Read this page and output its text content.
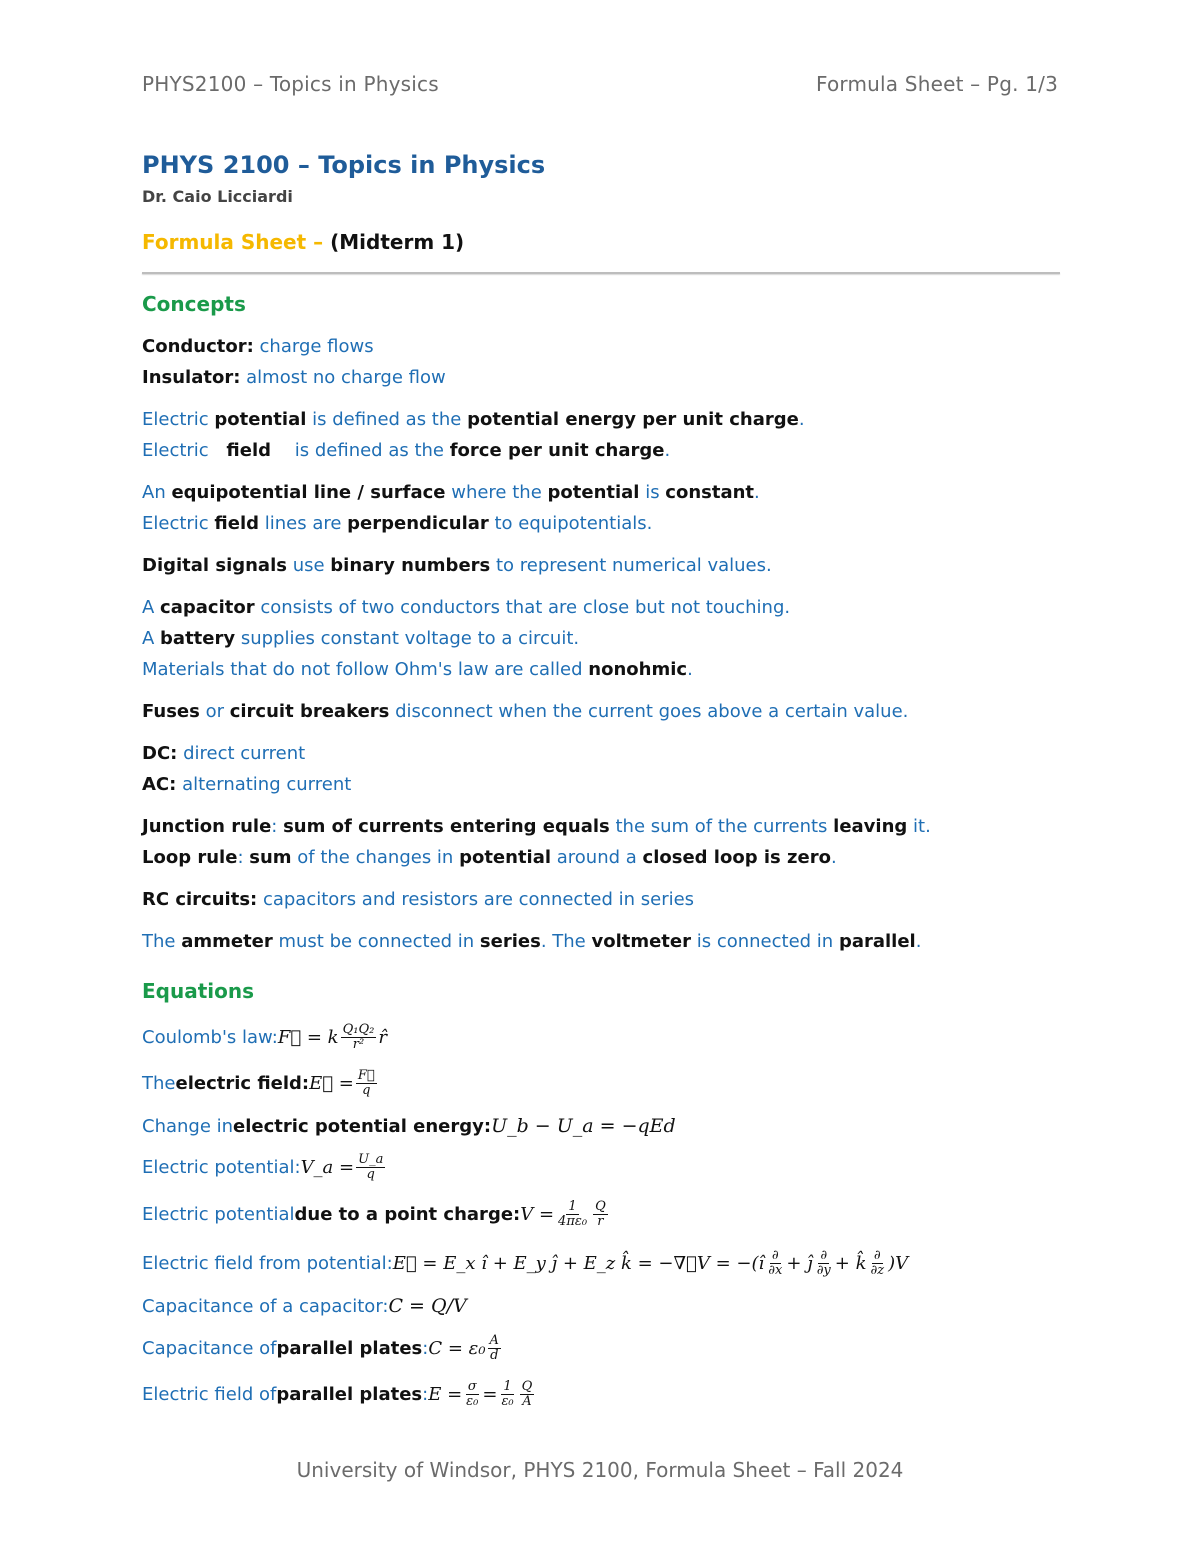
PHYS2100 – Topics in Physics	Formula Sheet – Pg. 1/3
PHYS 2100 – Topics in Physics
Dr. Caio Licciardi
Formula Sheet – (Midterm 1)
Concepts
Conductor: charge flows
Insulator: almost no charge flow
Electric potential is defined as the potential energy per unit charge.
Electric field is defined as the force per unit charge.
An equipotential line / surface where the potential is constant.
Electric field lines are perpendicular to equipotentials.
Digital signals use binary numbers to represent numerical values.
A capacitor consists of two conductors that are close but not touching.
A battery supplies constant voltage to a circuit.
Materials that do not follow Ohm's law are called nonohmic.
Fuses or circuit breakers disconnect when the current goes above a certain value.
DC: direct current
AC: alternating current
Junction rule: sum of currents entering equals the sum of the currents leaving it.
Loop rule: sum of the changes in potential around a closed loop is zero.
RC circuits: capacitors and resistors are connected in series
The ammeter must be connected in series. The voltmeter is connected in parallel.
Equations
Coulomb's law: F⃗ = k $\frac{\text{Q₁Q₂}}{\text{r²}}$ r̂
The electric field: E⃗ = $\frac{F⃗}{q}$
Change in electric potential energy: U_b − U_a = −qEd
Electric potential: V_a = $\frac{U\_a}{q}$
Electric potential due to a point charge: $V = \frac{1}{\text{4πε₀}} \frac{Q}{r}$
Electric field from potential: E⃗ = E_x î + E_y ĵ + E_z k̂ = −∇⃗V = −(î $\frac{\partial}{\partial x}$ + ĵ $\frac{\partial}{\partial y}$ + k̂ $\frac{\partial}{\partial z} )V$
Capacitance of a capacitor: C = Q/V
Capacitance of parallel plates : $C = \varepsilon_0 \frac{A}{d}$
Electric field of parallel plates : $E = \frac{\sigma}{\text{ε₀}} = \frac{1}{\text{ε₀}} \frac{Q}{A}$
University of Windsor, PHYS 2100, Formula Sheet – Fall 2024
